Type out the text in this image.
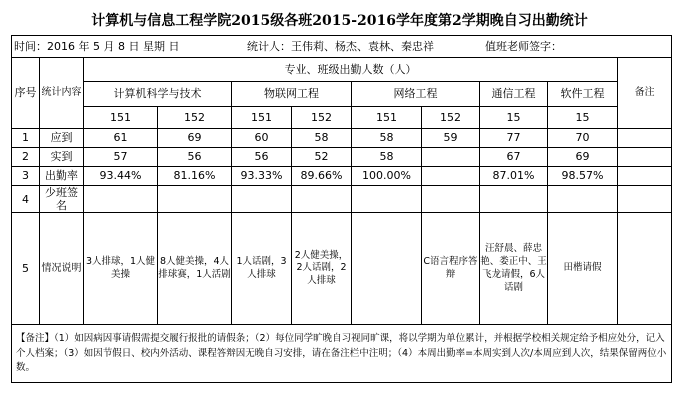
计算机与信息工程学院2015级各班2015-2016学年度第2学期晚自习出勤统计
时间：2016 年 5 月 8 日 星期 日 统计人：王伟莉、杨杰、袁林、秦忠祥 值班老师签字：										
序号	统计内容	专业、班级出勤人数（人）								备注
		计算机科学与技术		物联网工程		网络工程		通信工程	软件工程	
		151	152	151	152	151	152	15	15	
1	应到	61	69	60	58	58	59	77	70	
2	实到	57	56	56	52	58		67	69	
3	出勤率	93.44%	81.16%	93.33%	89.66%	100.00%		87.01%	98.57%	
4	少班签名									
5	情况说明	3人排球，1人健美操	8人健美操，4人排球赛，1人活剧	1人话剧，3人排球	2人健美操，2人话剧，2人排球		C语言程序答辩	汪舒晨、薛忠艳、娄正中、王飞龙请假，6人话剧	田楷请假	
【备注】（1）如因病因事请假需提交履行报批的请假条；（2）每位同学旷晚自习视同旷课，将以学期为单位累计，并根据学校相关规定给予相应处分，记入个人档案；（3）如因节假日、校内外活动、课程答辩因无晚自习安排，请在备注栏中注明；（4）本周出勤率=本周实到人次/本周应到人次，结果保留两位小数。										
